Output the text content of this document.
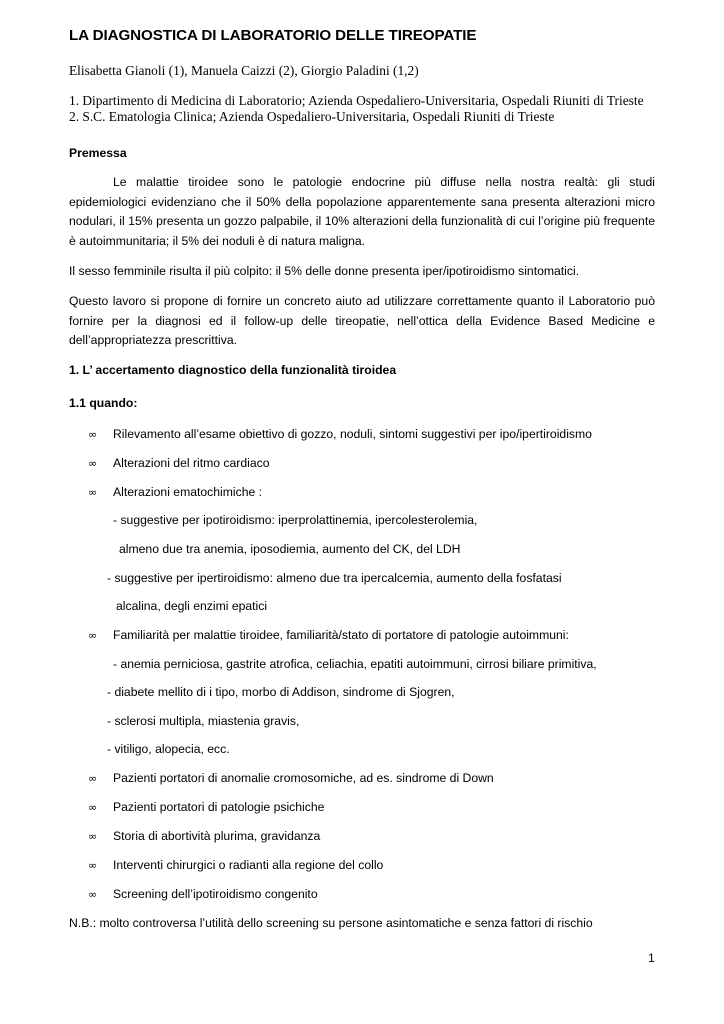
LA DIAGNOSTICA DI LABORATORIO DELLE TIREOPATIE
Elisabetta Gianoli (1), Manuela Caizzi (2), Giorgio Paladini (1,2)
1. Dipartimento di Medicina di Laboratorio; Azienda Ospedaliero-Universitaria, Ospedali Riuniti di Trieste
2. S.C. Ematologia Clinica; Azienda Ospedaliero-Universitaria, Ospedali Riuniti di Trieste
Premessa
Le malattie tiroidee sono le patologie endocrine più diffuse nella nostra realtà: gli studi epidemiologici evidenziano che il 50% della popolazione apparentemente sana presenta alterazioni micro nodulari, il 15% presenta un gozzo palpabile, il 10% alterazioni della funzionalità di cui l’origine più frequente è autoimmunitaria; il 5% dei noduli è di natura maligna.
Il sesso femminile risulta il più colpito: il 5% delle donne presenta iper/ipotiroidismo sintomatici.
Questo lavoro si propone di fornire un concreto aiuto ad utilizzare correttamente quanto il Laboratorio può fornire per la diagnosi ed il follow-up delle tireopatie, nell’ottica della Evidence Based Medicine e dell’appropriatezza prescrittiva.
1. L’ accertamento diagnostico della funzionalità tiroidea
1.1 quando:
∞ Rilevamento all’esame obiettivo di gozzo, noduli, sintomi suggestivi per ipo/ipertiroidismo
∞ Alterazioni del ritmo cardiaco
∞ Alterazioni ematochimiche :
- suggestive per ipotiroidismo: iperprolattinemia, ipercolesterolemia,
almeno due tra anemia, iposodiemia, aumento del CK, del LDH
- suggestive per ipertiroidismo: almeno due tra ipercalcemia, aumento della fosfatasi
alcalina, degli enzimi epatici
∞ Familiarità per malattie tiroidee, familiarità/stato di portatore di patologie autoimmuni:
- anemia perniciosa, gastrite atrofica, celiachia, epatiti autoimmuni, cirrosi biliare primitiva,
- diabete mellito di i tipo, morbo di Addison, sindrome di Sjogren,
- sclerosi multipla, miastenia gravis,
- vitiligo, alopecia, ecc.
∞ Pazienti portatori di anomalie cromosomiche, ad es. sindrome di Down
∞ Pazienti portatori di patologie psichiche
∞ Storia di abortività plurima, gravidanza
∞ Interventi chirurgici o radianti alla regione del collo
∞ Screening dell’ipotiroidismo congenito
N.B.: molto controversa l’utilità dello screening su persone asintomatiche e senza fattori di rischio
1
